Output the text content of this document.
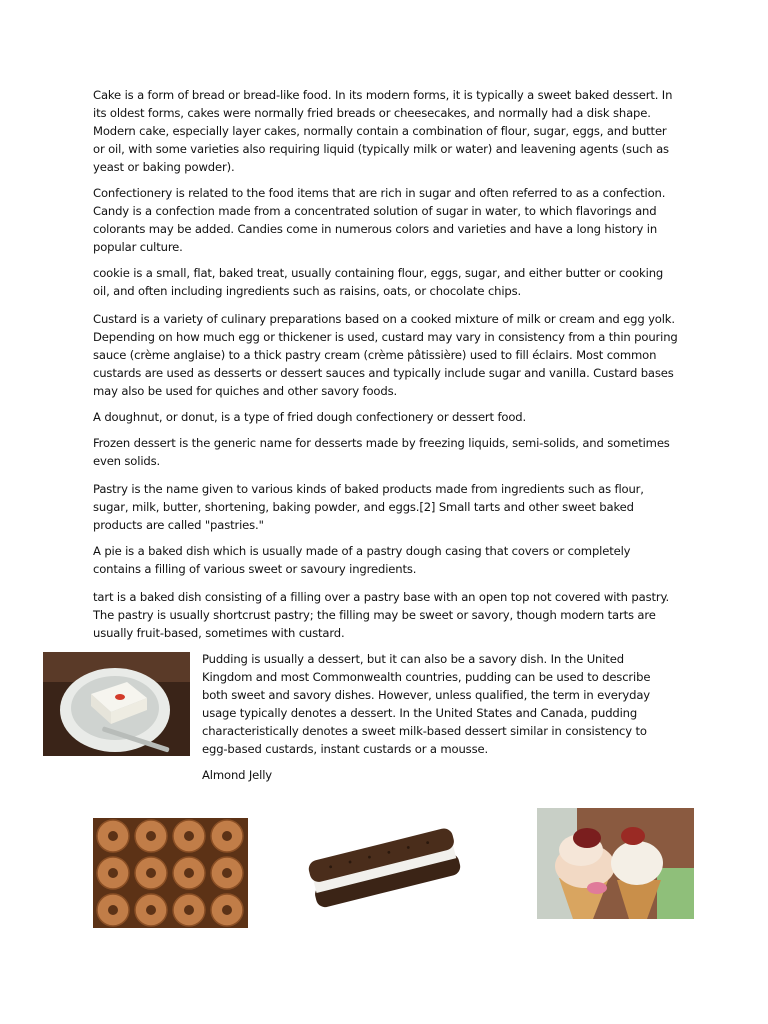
Cake is a form of bread or bread-like food. In its modern forms, it is typically a sweet baked dessert. In its oldest forms, cakes were normally fried breads or cheesecakes, and normally had a disk shape. Modern cake, especially layer cakes, normally contain a combination of flour, sugar, eggs, and butter or oil, with some varieties also requiring liquid (typically milk or water) and leavening agents (such as yeast or baking powder).

Confectionery is related to the food items that are rich in sugar and often referred to as a confection. Candy is a confection made from a concentrated solution of sugar in water, to which flavorings and colorants may be added. Candies come in numerous colors and varieties and have a long history in popular culture.

cookie is a small, flat, baked treat, usually containing flour, eggs, sugar, and either butter or cooking oil, and often including ingredients such as raisins, oats, or chocolate chips.

Custard is a variety of culinary preparations based on a cooked mixture of milk or cream and egg yolk. Depending on how much egg or thickener is used, custard may vary in consistency from a thin pouring sauce (crème anglaise) to a thick pastry cream (crème pâtissière) used to fill éclairs. Most common custards are used as desserts or dessert sauces and typically include sugar and vanilla. Custard bases may also be used for quiches and other savory foods.

A doughnut, or donut, is a type of fried dough confectionery or dessert food.

Frozen dessert is the generic name for desserts made by freezing liquids, semi-solids, and sometimes even solids.

Pastry is the name given to various kinds of baked products made from ingredients such as flour, sugar, milk, butter, shortening, baking powder, and eggs.[2] Small tarts and other sweet baked products are called "pastries."

A pie is a baked dish which is usually made of a pastry dough casing that covers or completely contains a filling of various sweet or savoury ingredients.

tart is a baked dish consisting of a filling over a pastry base with an open top not covered with pastry. The pastry is usually shortcrust pastry; the filling may be sweet or savory, though modern tarts are usually fruit-based, sometimes with custard.

Pudding is usually a dessert, but it can also be a savory dish. In the United Kingdom and most Commonwealth countries, pudding can be used to describe both sweet and savory dishes. However, unless qualified, the term in everyday usage typically denotes a dessert. In the United States and Canada, pudding characteristically denotes a sweet milk-based dessert similar in consistency to egg-based custards, instant custards or a mousse.

Almond Jelly
